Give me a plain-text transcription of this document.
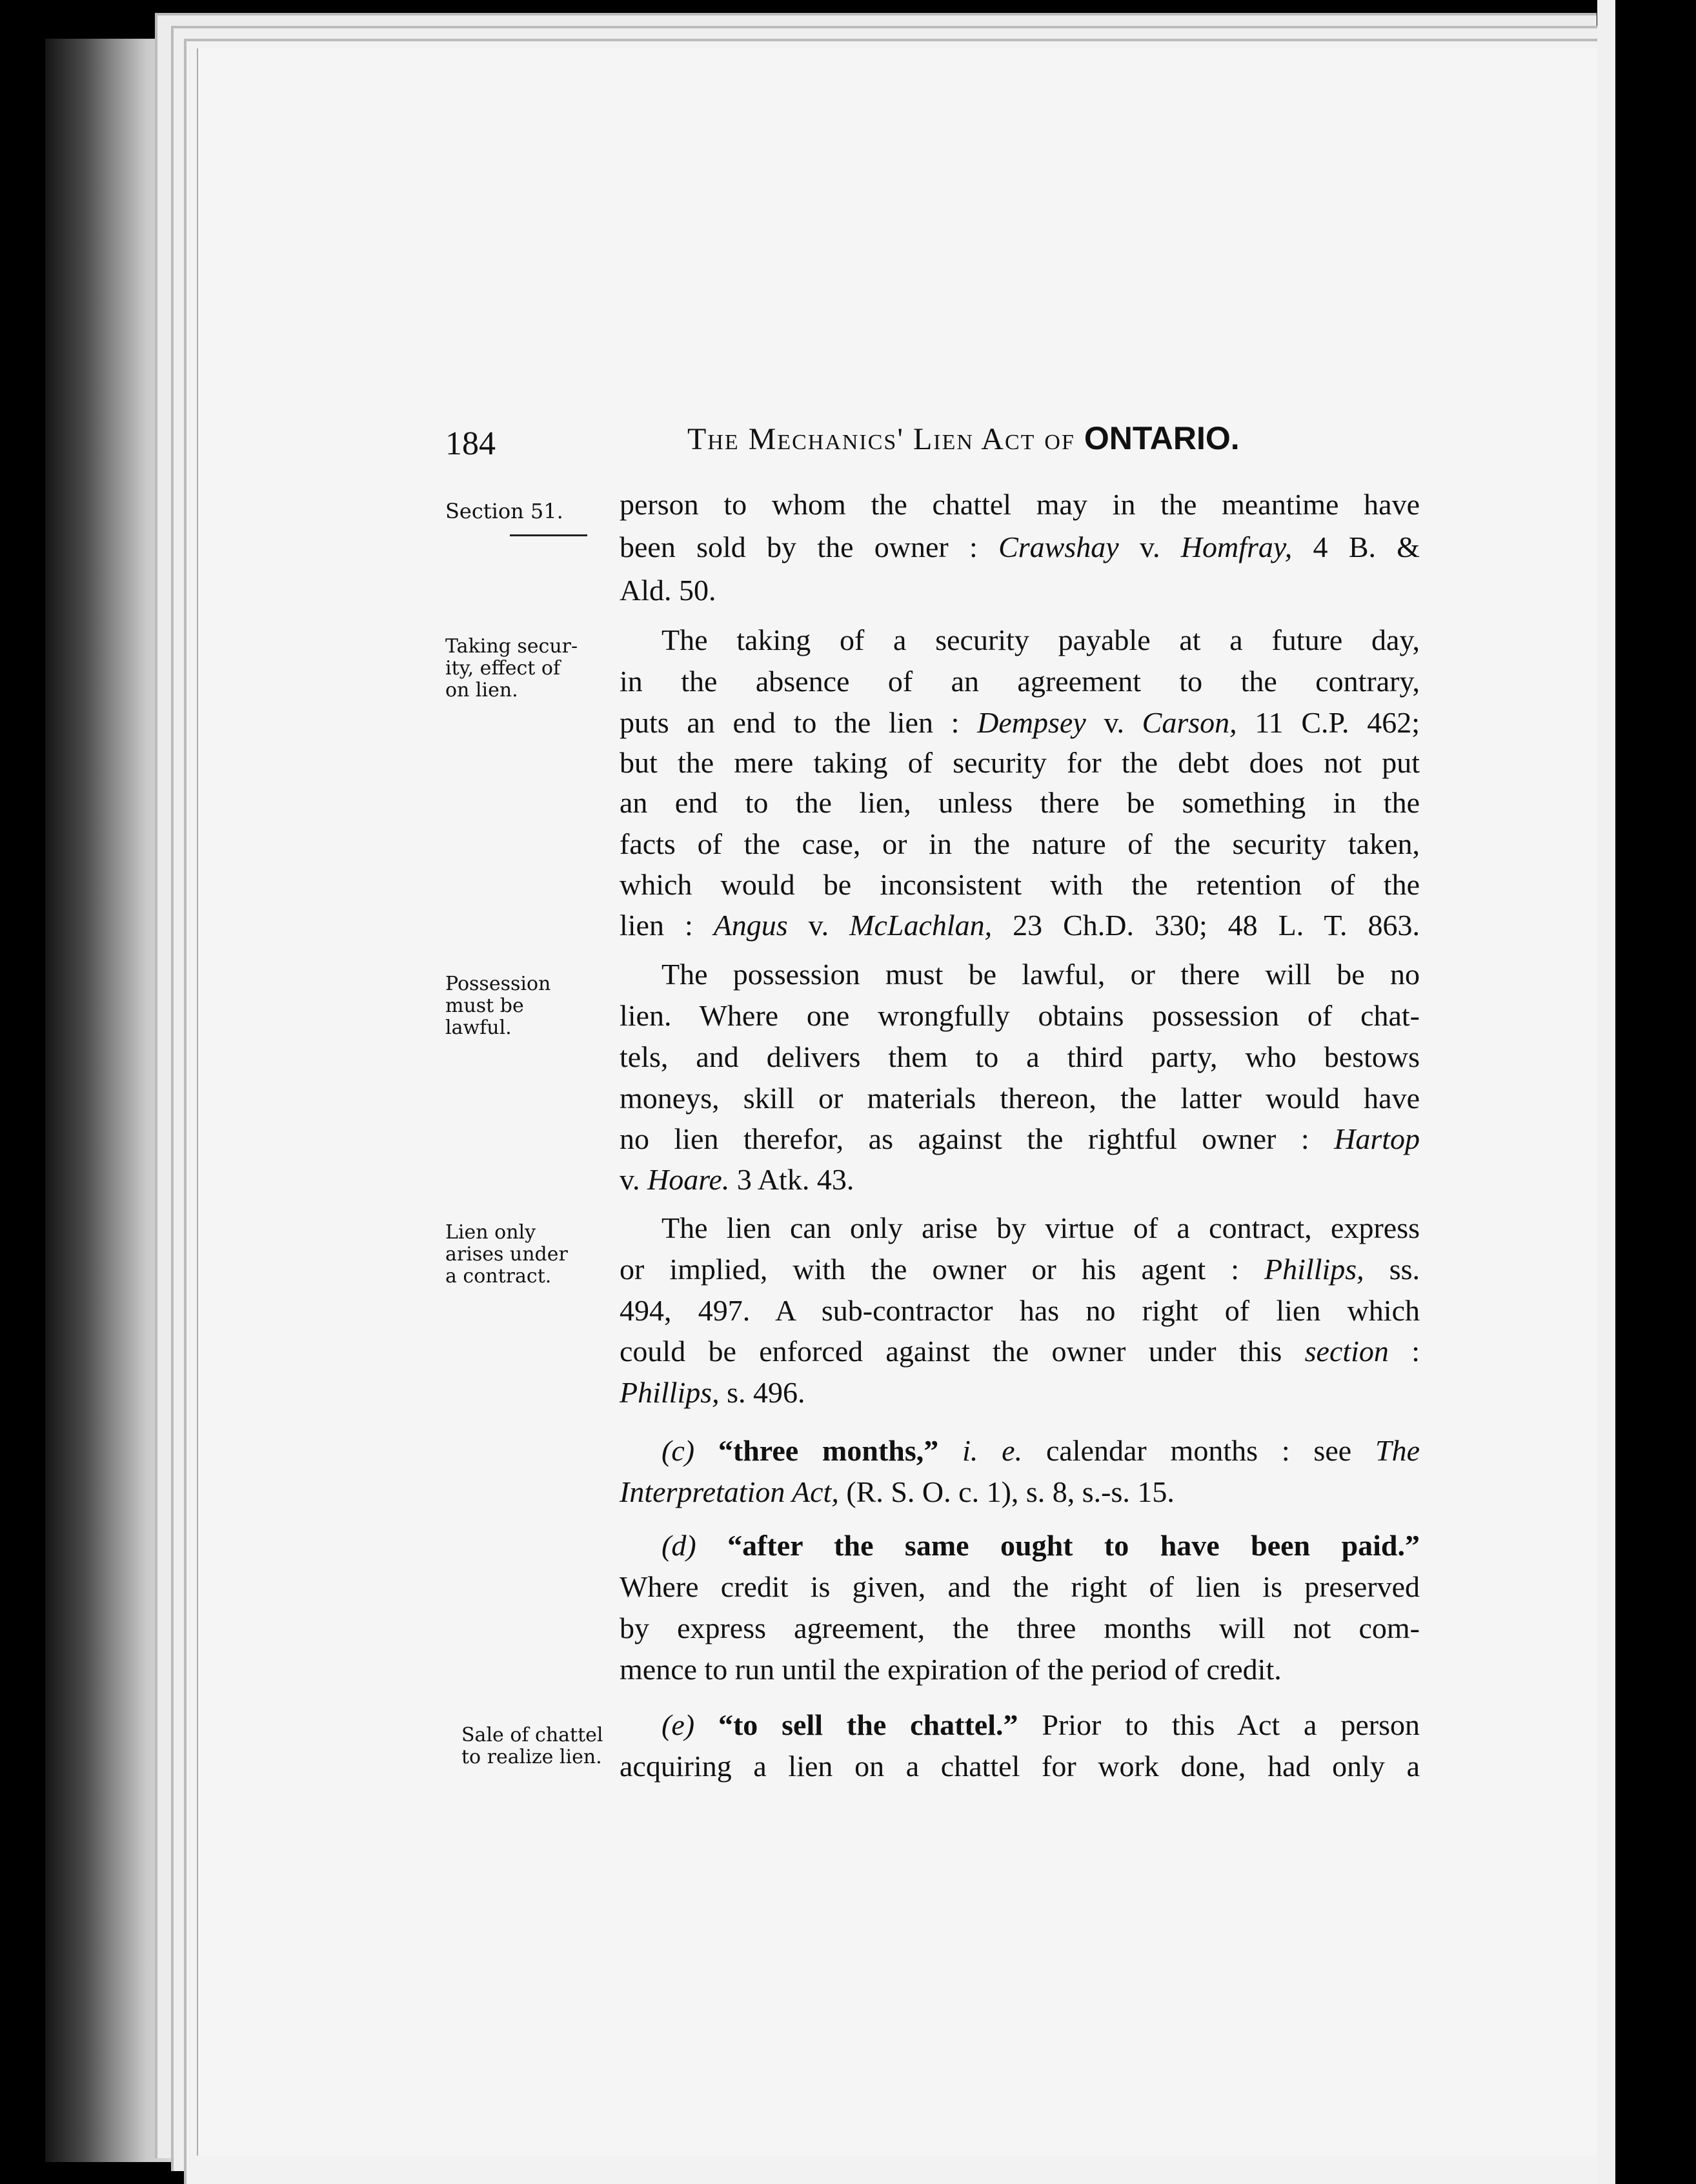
184	The Mechanics' Lien Act of ONTARIO.
Section 51.
Taking secur-
ity, effect of
on lien.
Possession
must be
lawful.
Lien only
arises under
a contract.
Sale of chattel
to realize lien.
person to whom the chattel may in the meantime have
been sold by the owner : Crawshay v. Homfray, 4 B. &
Ald. 50.
The taking of a security payable at a future day,
in the absence of an agreement to the contrary,
puts an end to the lien : Dempsey v. Carson, 11 C.P. 462;
but the mere taking of security for the debt does not put
an end to the lien, unless there be something in the
facts of the case, or in the nature of the security taken,
which would be inconsistent with the retention of the
lien : Angus v. McLachlan, 23 Ch.D. 330; 48 L. T. 863.
The possession must be lawful, or there will be no
lien. Where one wrongfully obtains possession of chat-
tels, and delivers them to a third party, who bestows
moneys, skill or materials thereon, the latter would have
no lien therefor, as against the rightful owner : Hartop
v. Hoare. 3 Atk. 43.
The lien can only arise by virtue of a contract, express
or implied, with the owner or his agent : Phillips, ss.
494, 497. A sub-contractor has no right of lien which
could be enforced against the owner under this section :
Phillips, s. 496.
(c) “three months,” i. e. calendar months : see The
Interpretation Act, (R. S. O. c. 1), s. 8, s.-s. 15.
(d) “after the same ought to have been paid.”
Where credit is given, and the right of lien is preserved
by express agreement, the three months will not com-
mence to run until the expiration of the period of credit.
(e) “to sell the chattel.” Prior to this Act a person
acquiring a lien on a chattel for work done, had only a
